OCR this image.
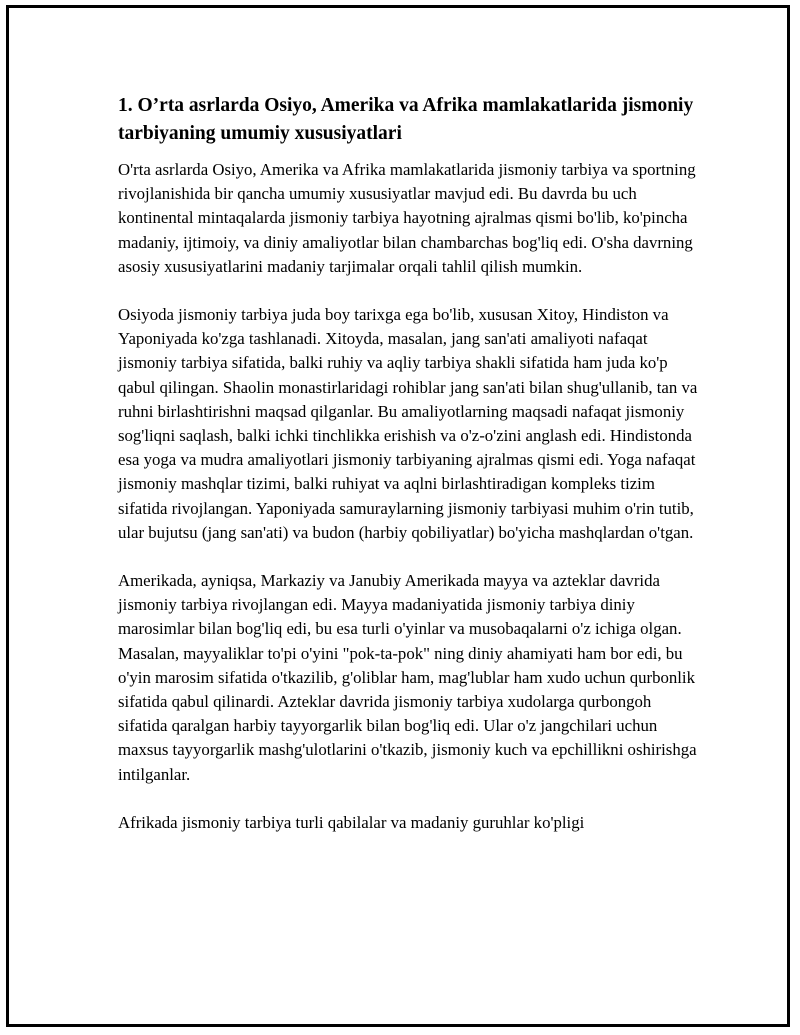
1. O’rta asrlarda Osiyo, Amerika va Afrika mamlakatlarida jismoniy tarbiyaning umumiy xususiyatlari

O'rta asrlarda Osiyo, Amerika va Afrika mamlakatlarida jismoniy tarbiya va sportning rivojlanishida bir qancha umumiy xususiyatlar mavjud edi. Bu davrda bu uch kontinental mintaqalarda jismoniy tarbiya hayotning ajralmas qismi bo'lib, ko'pincha madaniy, ijtimoiy, va diniy amaliyotlar bilan chambarchas bog'liq edi. O'sha davrning asosiy xususiyatlarini madaniy tarjimalar orqali tahlil qilish mumkin.

Osiyoda jismoniy tarbiya juda boy tarixga ega bo'lib, xususan Xitoy, Hindiston va Yaponiyada ko'zga tashlanadi. Xitoyda, masalan, jang san'ati amaliyoti nafaqat jismoniy tarbiya sifatida, balki ruhiy va aqliy tarbiya shakli sifatida ham juda ko'p qabul qilingan. Shaolin monastirlaridagi rohiblar jang san'ati bilan shug'ullanib, tan va ruhni birlashtirishni maqsad qilganlar. Bu amaliyotlarning maqsadi nafaqat jismoniy sog'liqni saqlash, balki ichki tinchlikka erishish va o'z-o'zini anglash edi. Hindistonda esa yoga va mudra amaliyotlari jismoniy tarbiyaning ajralmas qismi edi. Yoga nafaqat jismoniy mashqlar tizimi, balki ruhiyat va aqlni birlashtiradigan kompleks tizim sifatida rivojlangan. Yaponiyada samuraylarning jismoniy tarbiyasi muhim o'rin tutib, ular bujutsu (jang san'ati) va budon (harbiy qobiliyatlar) bo'yicha mashqlardan o'tgan.

Amerikada, ayniqsa, Markaziy va Janubiy Amerikada mayya va azteklar davrida jismoniy tarbiya rivojlangan edi. Mayya madaniyatida jismoniy tarbiya diniy marosimlar bilan bog'liq edi, bu esa turli o'yinlar va musobaqalarni o'z ichiga olgan. Masalan, mayyaliklar to'pi o'yini "pok-ta-pok" ning diniy ahamiyati ham bor edi, bu o'yin marosim sifatida o'tkazilib, g'oliblar ham, mag'lublar ham xudo uchun qurbonlik sifatida qabul qilinardi. Azteklar davrida jismoniy tarbiya xudolarga qurbongoh sifatida qaralgan harbiy tayyorgarlik bilan bog'liq edi. Ular o'z jangchilari uchun maxsus tayyorgarlik mashg'ulotlarini o'tkazib, jismoniy kuch va epchillikni oshirishga intilganlar.

Afrikada jismoniy tarbiya turli qabilalar va madaniy guruhlar ko'pligi
